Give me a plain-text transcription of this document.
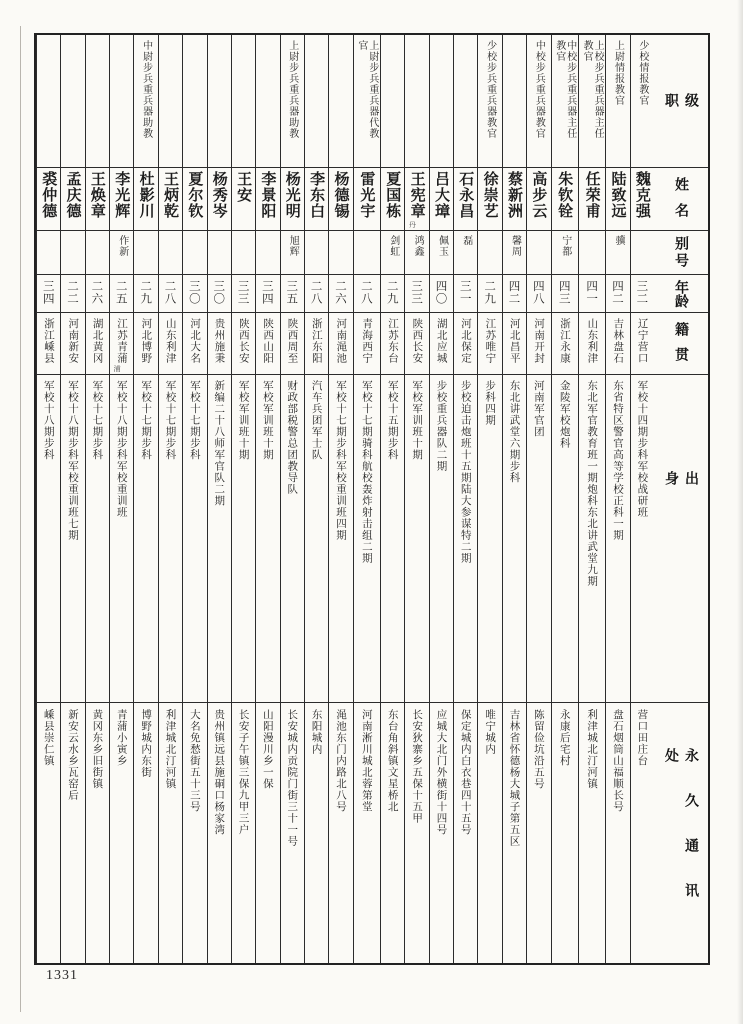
级职
姓名
别号
年龄
籍贯
出身
永久通讯处
少校情报教官
魏克强
三二
辽宁营口
军校十四期步科军校战研班
营口田庄台
上尉情报教官
陆致远
骥
四二
吉林盘石
东省特区警官高等学校正科一期
盘石烟筒山福顺长号
上校步兵重兵器主任教官
任荣甫
四一
山东利津
东北军官教育班一期炮科东北讲武堂九期
利津城北汀河镇
中校步兵重兵器主任教官
朱钦铨
宁都
四三
浙江永康
金陵军校炮科
永康后宅村
中校步兵重兵器教官
高步云
四八
河南开封
河南军官团
陈留俭坑沿五号
蔡新洲
馨周
四二
河北昌平
东北讲武堂六期步科
吉林省怀德杨大城子第五区
少校步兵重兵器教官
徐崇艺
二九
江苏唯宁
步科四期
唯宁城内
石永昌
磊
三一
河北保定
步校迫击炮班十五期陆大参谋特二期
保定城内白衣巷四十五号
吕大璋
佩玉
四〇
湖北应城
步校重兵器队二期
应城大北门外横街十四号
王宪章
丹
鸿鑫
三三
陕西长安
军校军训班十期
长安狄寨乡五保十五甲
夏国栋
剑虹
二九
江苏东台
军校十五期步科
东台角斜镇文星桥北
上尉步兵重兵器代教官
雷光宇
二八
青海西宁
军校十七期骑科航校轰炸射击组二期
河南淅川城北蓉第堂
杨德锡
二六
河南渑池
军校十七期步科军校重训班四期
渑池东门内路北八号
李东白
二八
浙江东阳
汽车兵团军士队
东阳城内
上尉步兵重兵器助教
杨光明
旭辉
三五
陕西周至
财政部税警总团教导队
长安城内贡院门街三十一号
李景阳
三四
陕西山阳
军校军训班十期
山阳漫川乡一保
王安
三三
陕西长安
军校军训班十期
长安子午镇三保九甲三户
杨秀岑
三〇
贵州施秉
新编二十八师军官队二期
贵州镇远县施硐口杨家湾
夏尔钦
三〇
河北大名
军校十七期步科
大名免愁街五十三号
王炳乾
二八
山东利津
军校十七期步科
利津城北汀河镇
中尉步兵重兵器助教
杜影川
二九
河北博野
军校十七期步科
博野城内东街
李光辉
作新
二五
江苏青蒲
浦
军校十八期步科军校重训班
青蒲小寅乡
王焕章
二六
湖北黄冈
军校十七期步科
黄冈东乡旧街镇
孟庆德
二二
河南新安
军校十八期步科军校重训班七期
新安云水乡瓦窑后
裘仲德
三四
浙江嵊县
军校十八期步科
嵊县崇仁镇
1331
